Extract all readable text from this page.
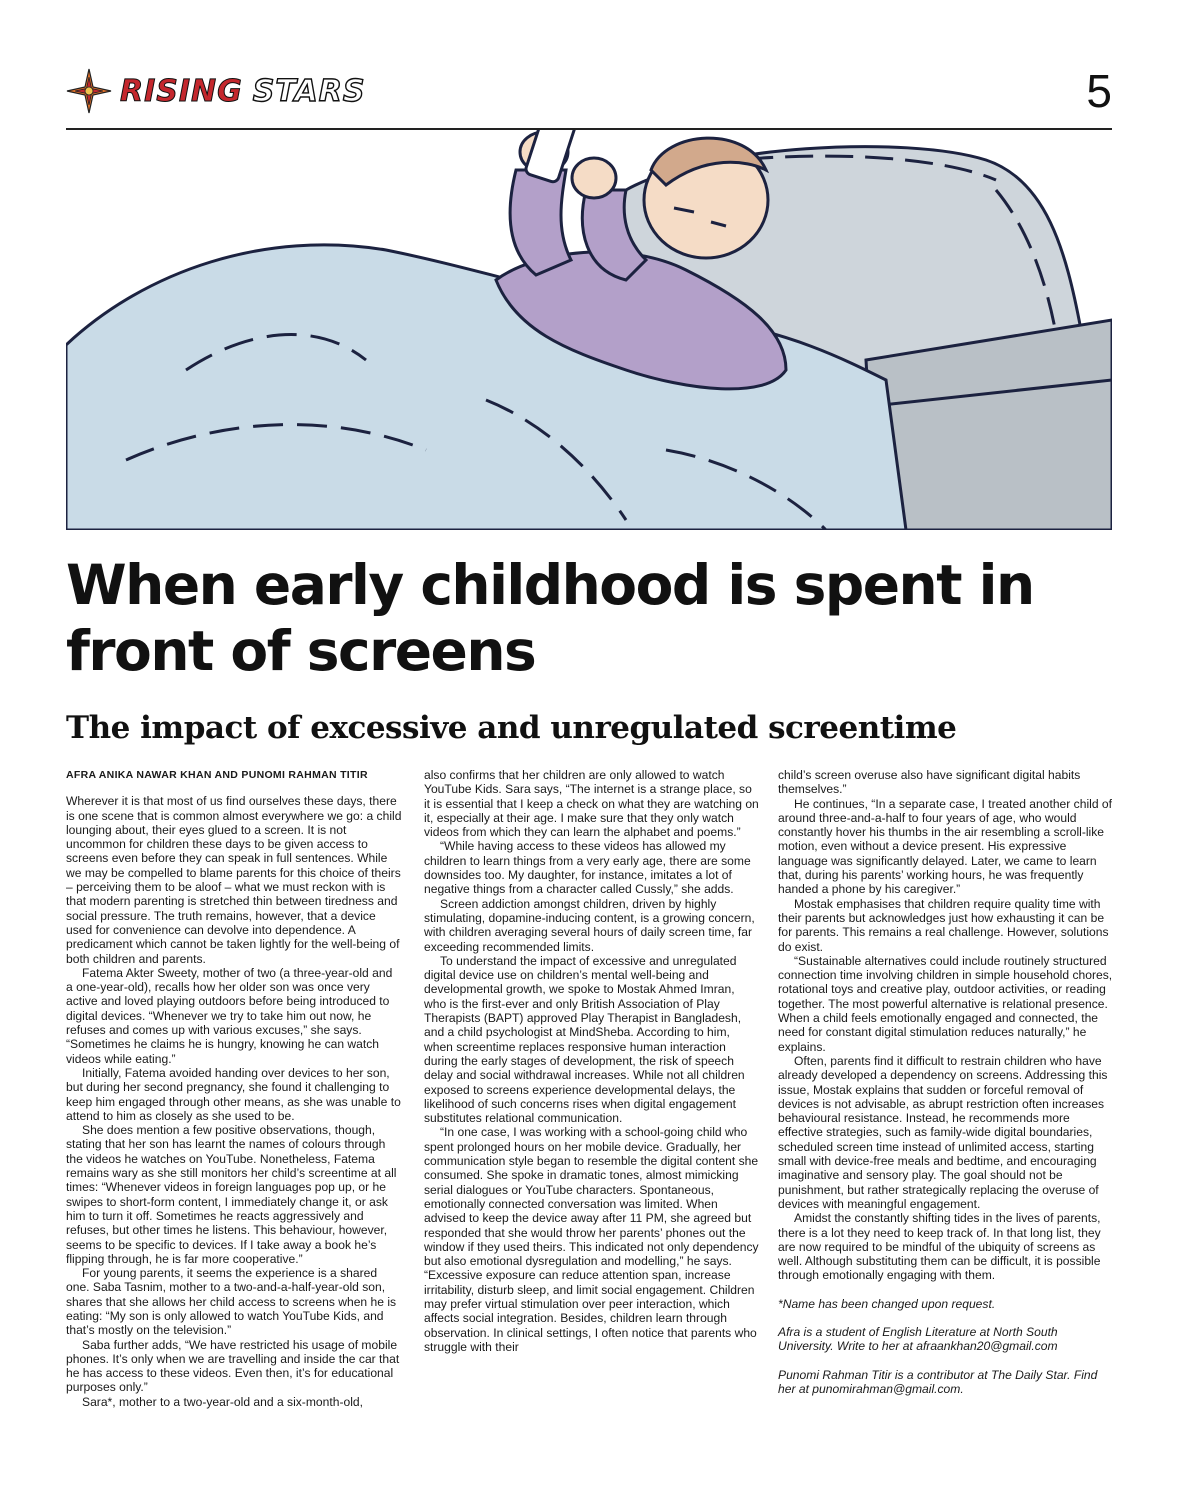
RISING STARS	5
When early childhood is spent in front of screens
The impact of excessive and unregulated screentime

AFRA ANIKA NAWAR KHAN AND PUNOMI RAHMAN TITIR

Wherever it is that most of us find ourselves these days, there is one scene that is common almost everywhere we go: a child lounging about, their eyes glued to a screen. It is not uncommon for children these days to be given access to screens even before they can speak in full sentences. While we may be compelled to blame parents for this choice of theirs – perceiving them to be aloof – what we must reckon with is that modern parenting is stretched thin between tiredness and social pressure. The truth remains, however, that a device used for convenience can devolve into dependence. A predicament which cannot be taken lightly for the well-being of both children and parents.

Fatema Akter Sweety, mother of two (a three-year-old and a one-year-old), recalls how her older son was once very active and loved playing outdoors before being introduced to digital devices. “Whenever we try to take him out now, he refuses and comes up with various excuses,” she says. “Sometimes he claims he is hungry, knowing he can watch videos while eating.”

Initially, Fatema avoided handing over devices to her son, but during her second pregnancy, she found it challenging to keep him engaged through other means, as she was unable to attend to him as closely as she used to be.

She does mention a few positive observations, though, stating that her son has learnt the names of colours through the videos he watches on YouTube. Nonetheless, Fatema remains wary as she still monitors her child’s screentime at all times: “Whenever videos in foreign languages pop up, or he swipes to short-form content, I immediately change it, or ask him to turn it off. Sometimes he reacts aggressively and refuses, but other times he listens. This behaviour, however, seems to be specific to devices. If I take away a book he’s flipping through, he is far more cooperative.”

For young parents, it seems the experience is a shared one. Saba Tasnim, mother to a two-and-a-half-year-old son, shares that she allows her child access to screens when he is eating: “My son is only allowed to watch YouTube Kids, and that’s mostly on the television.”

Saba further adds, “We have restricted his usage of mobile phones. It’s only when we are travelling and inside the car that he has access to these videos. Even then, it’s for educational purposes only.”

Sara*, mother to a two-year-old and a six-month-old,

also confirms that her children are only allowed to watch YouTube Kids. Sara says, “The internet is a strange place, so it is essential that I keep a check on what they are watching on it, especially at their age. I make sure that they only watch videos from which they can learn the alphabet and poems.”

“While having access to these videos has allowed my children to learn things from a very early age, there are some downsides too. My daughter, for instance, imitates a lot of negative things from a character called Cussly,” she adds.

Screen addiction amongst children, driven by highly stimulating, dopamine-inducing content, is a growing concern, with children averaging several hours of daily screen time, far exceeding recommended limits.

To understand the impact of excessive and unregulated digital device use on children’s mental well-being and developmental growth, we spoke to Mostak Ahmed Imran, who is the first-ever and only British Association of Play Therapists (BAPT) approved Play Therapist in Bangladesh, and a child psychologist at MindSheba. According to him, when screentime replaces responsive human interaction during the early stages of development, the risk of speech delay and social withdrawal increases. While not all children exposed to screens experience developmental delays, the likelihood of such concerns rises when digital engagement substitutes relational communication.

“In one case, I was working with a school-going child who spent prolonged hours on her mobile device. Gradually, her communication style began to resemble the digital content she consumed. She spoke in dramatic tones, almost mimicking serial dialogues or YouTube characters. Spontaneous, emotionally connected conversation was limited. When advised to keep the device away after 11 PM, she agreed but responded that she would throw her parents’ phones out the window if they used theirs. This indicated not only dependency but also emotional dysregulation and modelling,” he says.

“Excessive exposure can reduce attention span, increase irritability, disturb sleep, and limit social engagement. Children may prefer virtual stimulation over peer interaction, which affects social integration. Besides, children learn through observation. In clinical settings, I often notice that parents who struggle with their

child’s screen overuse also have significant digital habits themselves.”

He continues, “In a separate case, I treated another child of around three-and-a-half to four years of age, who would constantly hover his thumbs in the air resembling a scroll-like motion, even without a device present. His expressive language was significantly delayed. Later, we came to learn that, during his parents’ working hours, he was frequently handed a phone by his caregiver.”

Mostak emphasises that children require quality time with their parents but acknowledges just how exhausting it can be for parents. This remains a real challenge. However, solutions do exist.

“Sustainable alternatives could include routinely structured connection time involving children in simple household chores, rotational toys and creative play, outdoor activities, or reading together. The most powerful alternative is relational presence. When a child feels emotionally engaged and connected, the need for constant digital stimulation reduces naturally,” he explains.

Often, parents find it difficult to restrain children who have already developed a dependency on screens. Addressing this issue, Mostak explains that sudden or forceful removal of devices is not advisable, as abrupt restriction often increases behavioural resistance. Instead, he recommends more effective strategies, such as family-wide digital boundaries, scheduled screen time instead of unlimited access, starting small with device-free meals and bedtime, and encouraging imaginative and sensory play. The goal should not be punishment, but rather strategically replacing the overuse of devices with meaningful engagement.

Amidst the constantly shifting tides in the lives of parents, there is a lot they need to keep track of. In that long list, they are now required to be mindful of the ubiquity of screens as well. Although substituting them can be difficult, it is possible through emotionally engaging with them.

*Name has been changed upon request.

Afra is a student of English Literature at North South University. Write to her at afraankhan20@gmail.com

Punomi Rahman Titir is a contributor at The Daily Star. Find her at punomirahman@gmail.com.
